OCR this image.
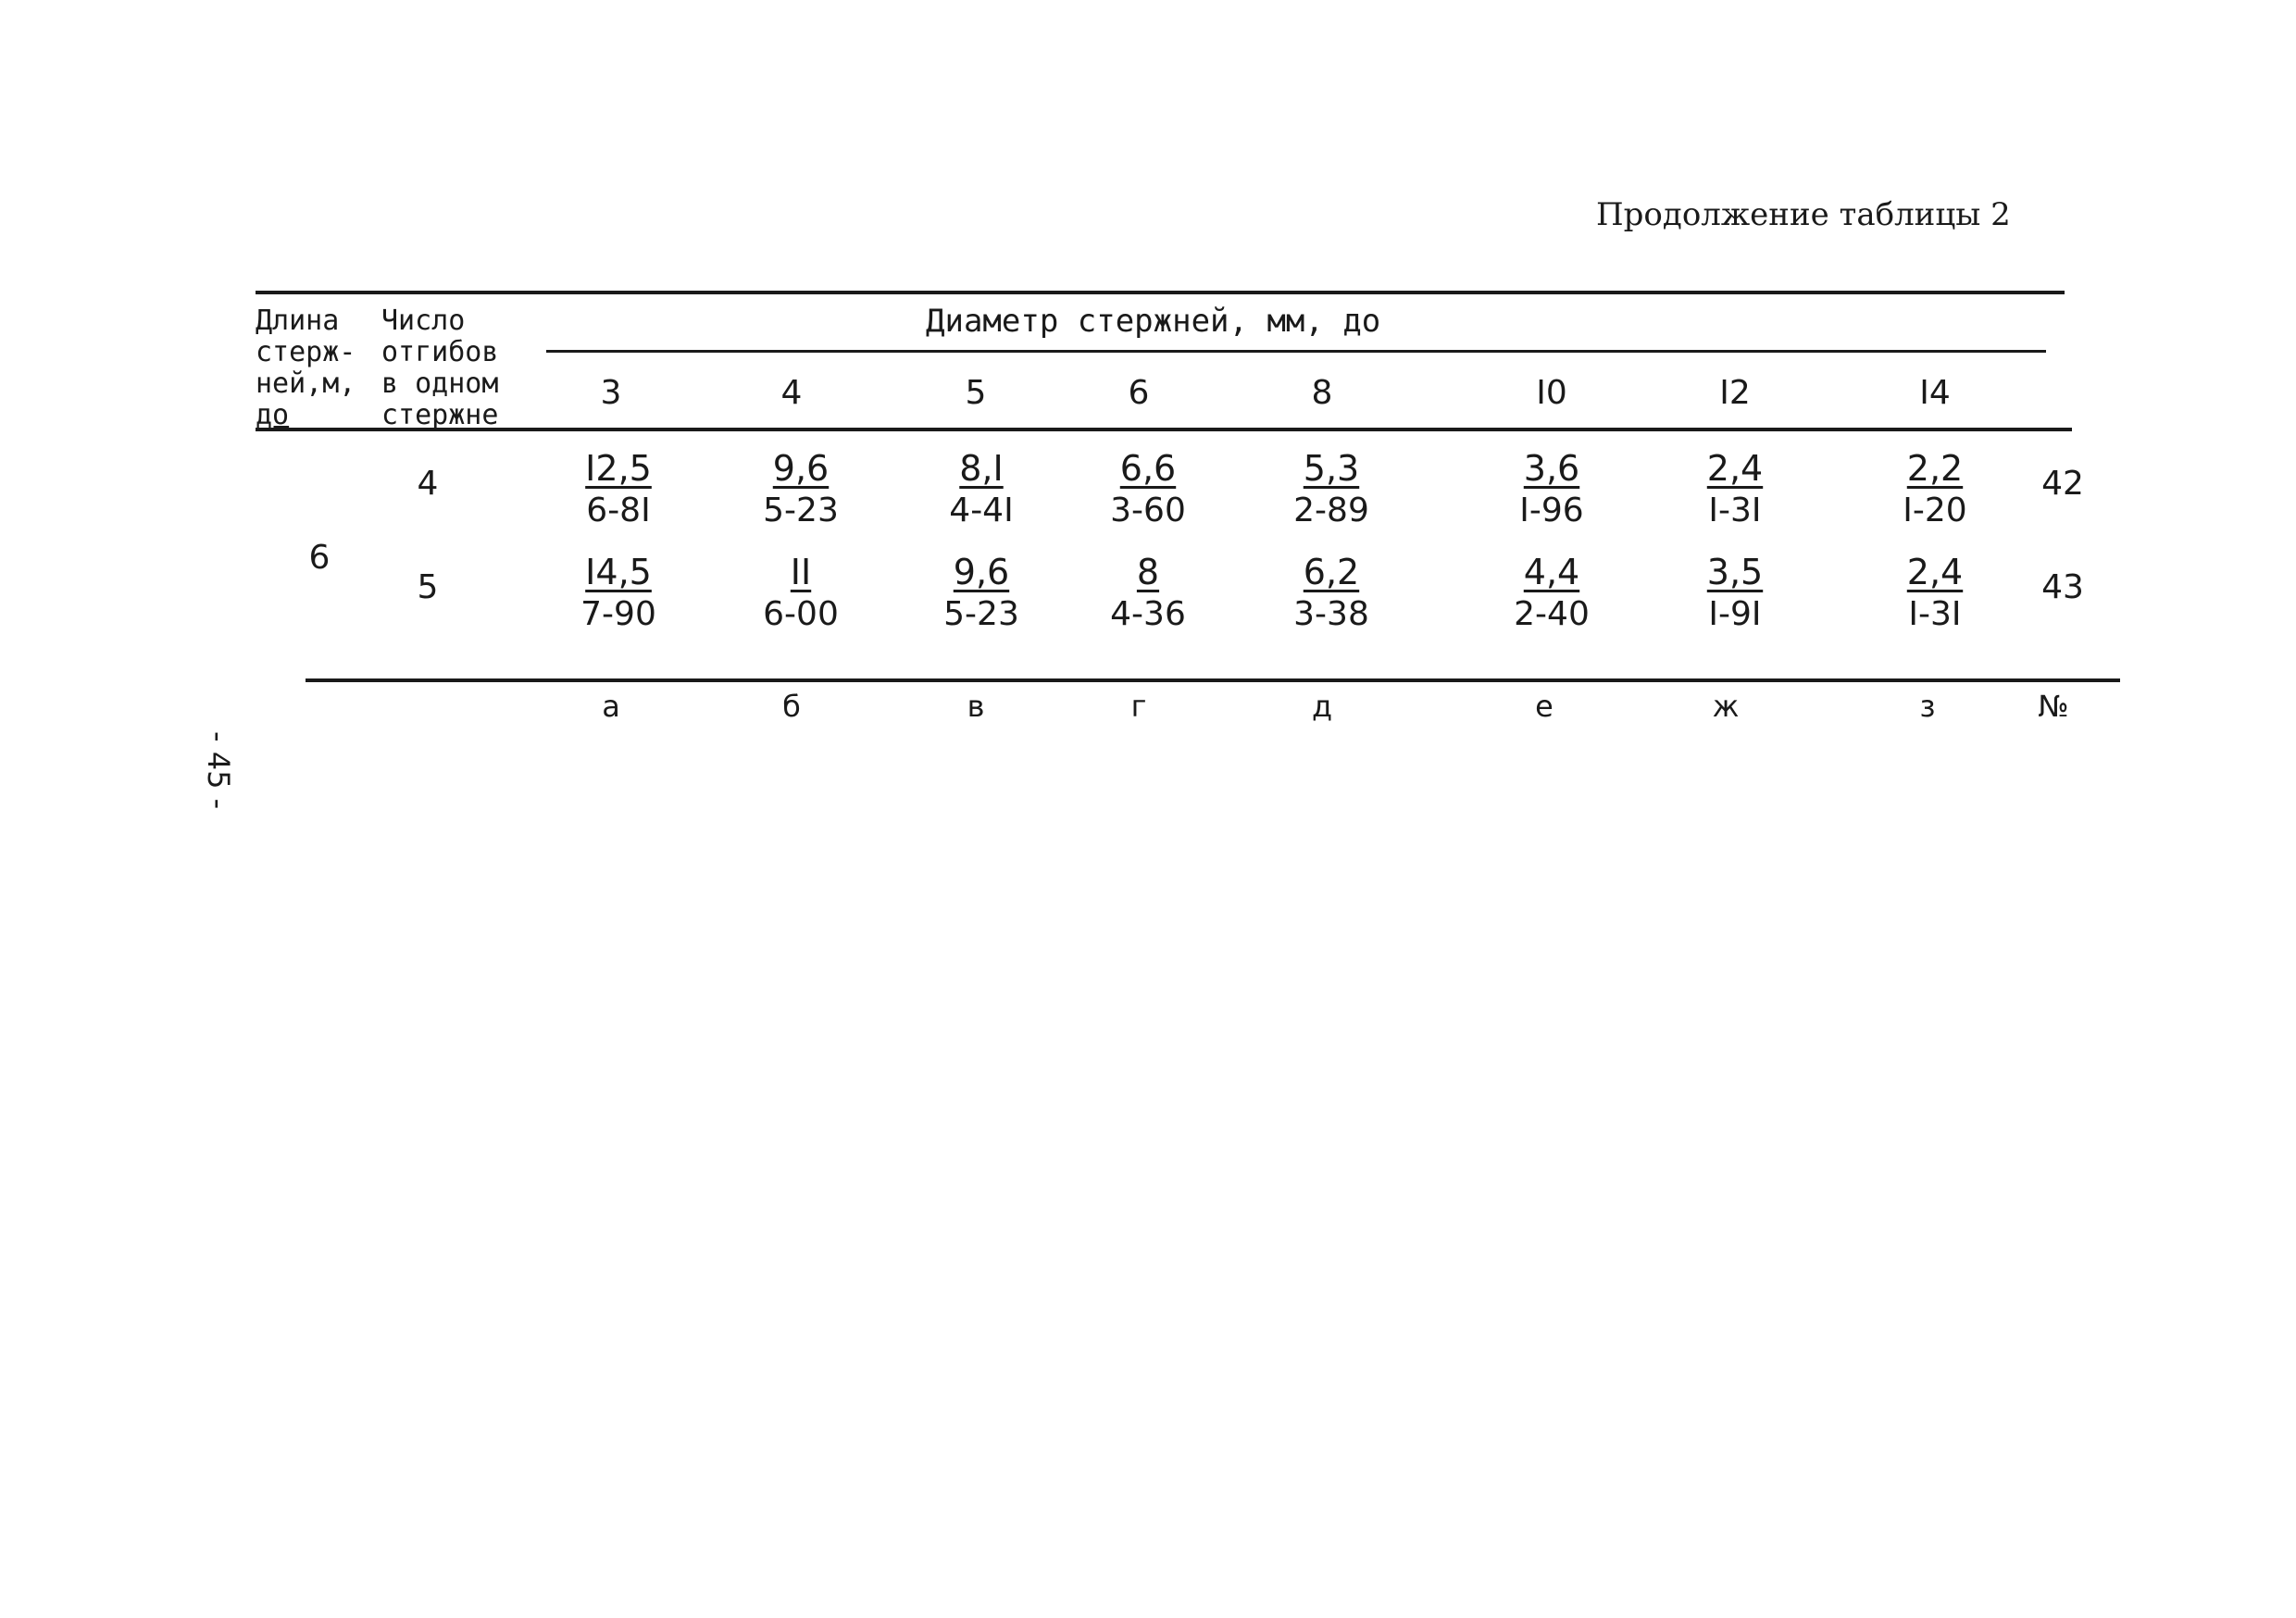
Продолжение таблицы 2
Длина
стерж-
ней,м,
до
Число
отгибов
в одном
стержне
Диаметр стержней, мм, до
3	4	5	6	8	I0	I2	I4
6
4	$\frac{I2,5}{6-8I}$	$\frac{9,6}{5-23}$	$\frac{8,I}{4-4I}$	$\frac{6,6}{3-60}$	$\frac{5,3}{2-89}$	$\frac{3,6}{I-96}$	$\frac{2,4}{I-3I}$	$\frac{2,2}{I-20} 42$
5	$\frac{I4,5}{7-90}$	$\frac{II}{6-00}$	$\frac{9,6}{5-23}$	$\frac{8}{4-36}$	$\frac{6,2}{3-38}$	$\frac{4,4}{2-40}$	$\frac{3,5}{I-9I}$	$\frac{2,4}{I-3I} 43$
а	б	в	г	д	е	ж	з	№
- 45 -
